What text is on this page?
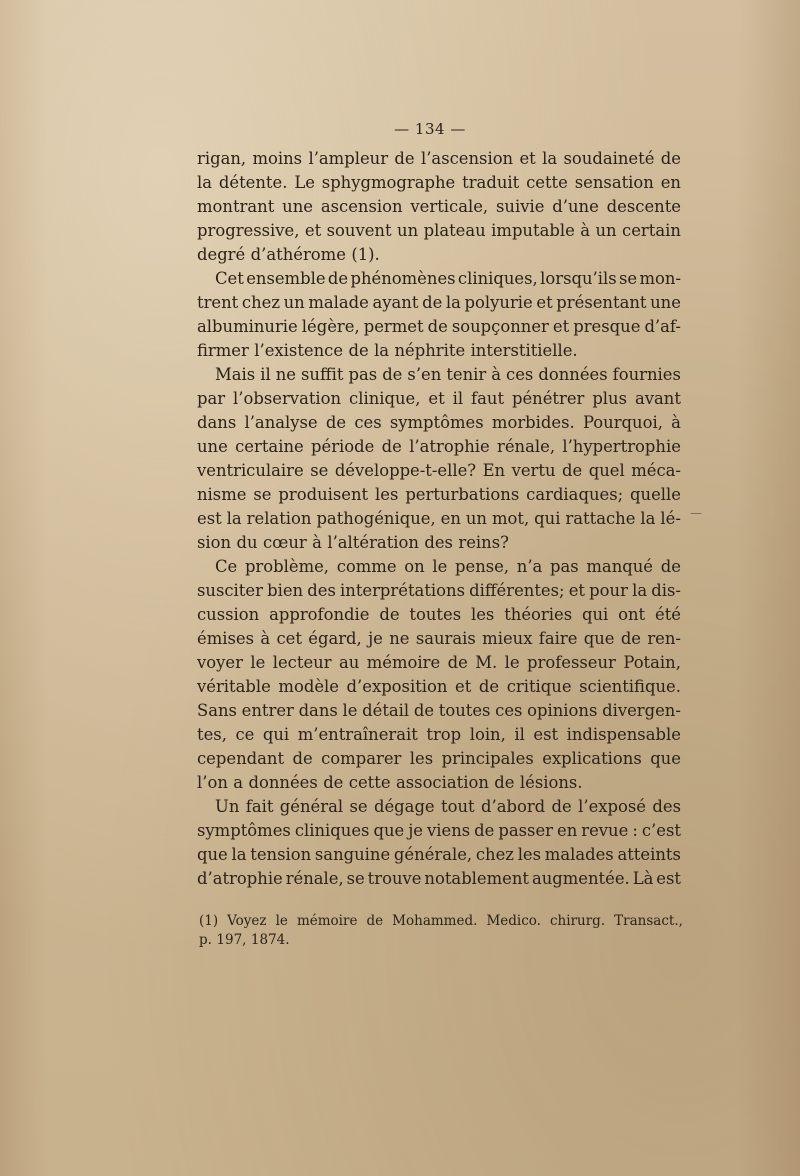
— 134 —
rigan, moins l’ampleur de l’ascension et la soudaineté de
la détente. Le sphygmographe traduit cette sensation en
montrant une ascension verticale, suivie d’une descente
progressive, et souvent un plateau imputable à un certain
degré d’athérome (1).
Cet ensemble de phénomènes cliniques, lorsqu’ils se mon-
trent chez un malade ayant de la polyurie et présentant une
albuminurie légère, permet de soupçonner et presque d’af-
firmer l’existence de la néphrite interstitielle.
Mais il ne suffit pas de s’en tenir à ces données fournies
par l’observation clinique, et il faut pénétrer plus avant
dans l’analyse de ces symptômes morbides. Pourquoi, à
une certaine période de l’atrophie rénale, l’hypertrophie
ventriculaire se développe-t-elle? En vertu de quel méca-
nisme se produisent les perturbations cardiaques; quelle
est la relation pathogénique, en un mot, qui rattache la lé-
sion du cœur à l’altération des reins?
Ce problème, comme on le pense, n’a pas manqué de
susciter bien des interprétations différentes; et pour la dis-
cussion approfondie de toutes les théories qui ont été
émises à cet égard, je ne saurais mieux faire que de ren-
voyer le lecteur au mémoire de M. le professeur Potain,
véritable modèle d’exposition et de critique scientifique.
Sans entrer dans le détail de toutes ces opinions divergen-
tes, ce qui m’entraînerait trop loin, il est indispensable
cependant de comparer les principales explications que
l’on a données de cette association de lésions.
Un fait général se dégage tout d’abord de l’exposé des
symptômes cliniques que je viens de passer en revue : c’est
que la tension sanguine générale, chez les malades atteints
d’atrophie rénale, se trouve notablement augmentée. Là est
—
(1) Voyez le mémoire de Mohammed. Medico. chirurg. Transact.,
p. 197, 1874.
